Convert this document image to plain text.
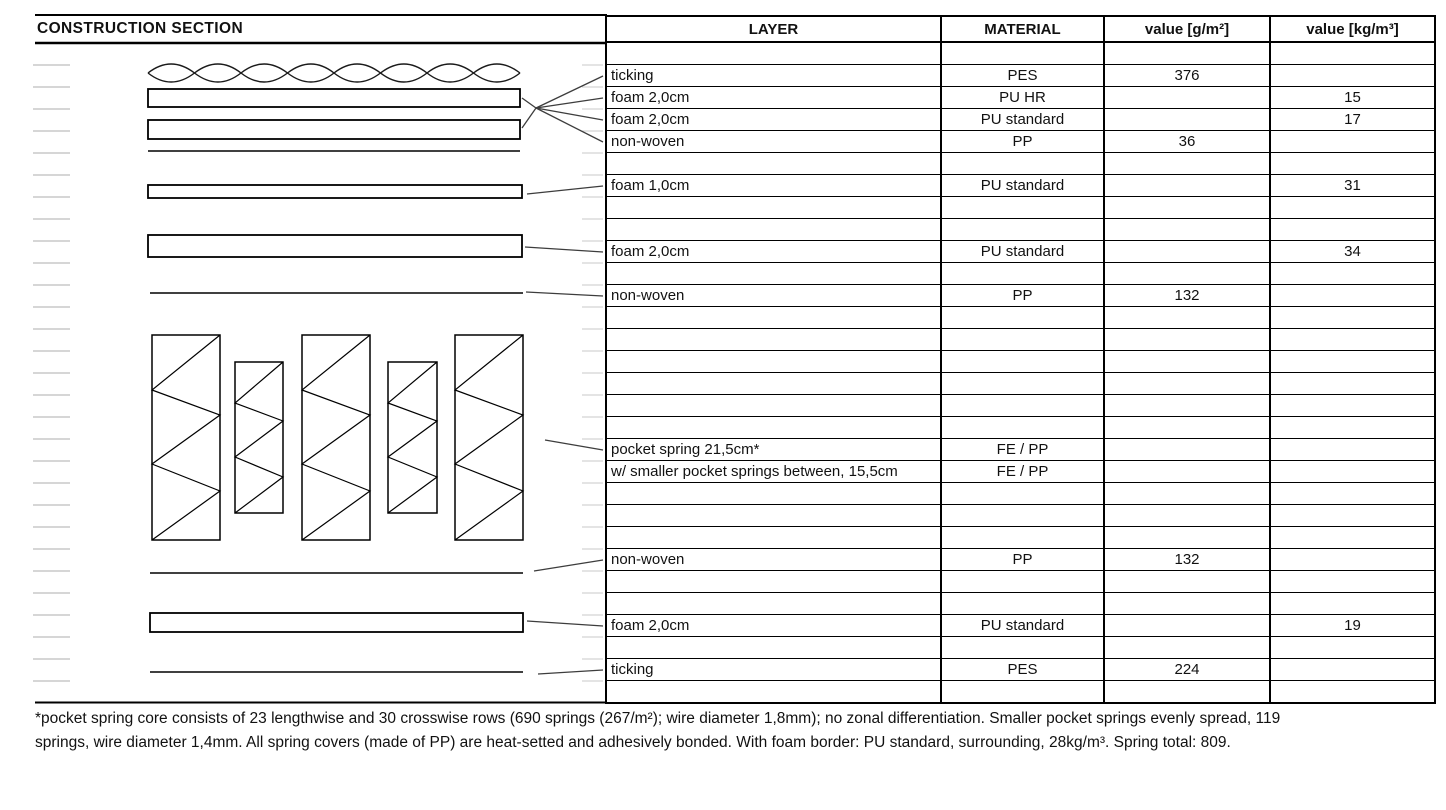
CONSTRUCTION SECTION	LAYER	MATERIAL	value [g/m²]	value [kg/m³]

ticking	PES	376	
foam 2,0cm	PU HR		15
foam 2,0cm	PU standard		17
non-woven	PP	36	

foam 1,0cm	PU standard		31

foam 2,0cm	PU standard		34

non-woven	PP	132	

pocket spring 21,5cm*	FE / PP		
w/ smaller pocket springs between, 15,5cm	FE / PP		

non-woven	PP	132	

foam 2,0cm	PU standard		19

ticking	PES	224	

*pocket spring core consists of 23 lengthwise and 30 crosswise rows (690 springs (267/m²); wire diameter 1,8mm); no zonal differentiation. Smaller pocket springs evenly spread, 119
springs, wire diameter 1,4mm. All spring covers (made of PP) are heat-setted and adhesively bonded. With foam border: PU standard, surrounding, 28kg/m³. Spring total: 809.
